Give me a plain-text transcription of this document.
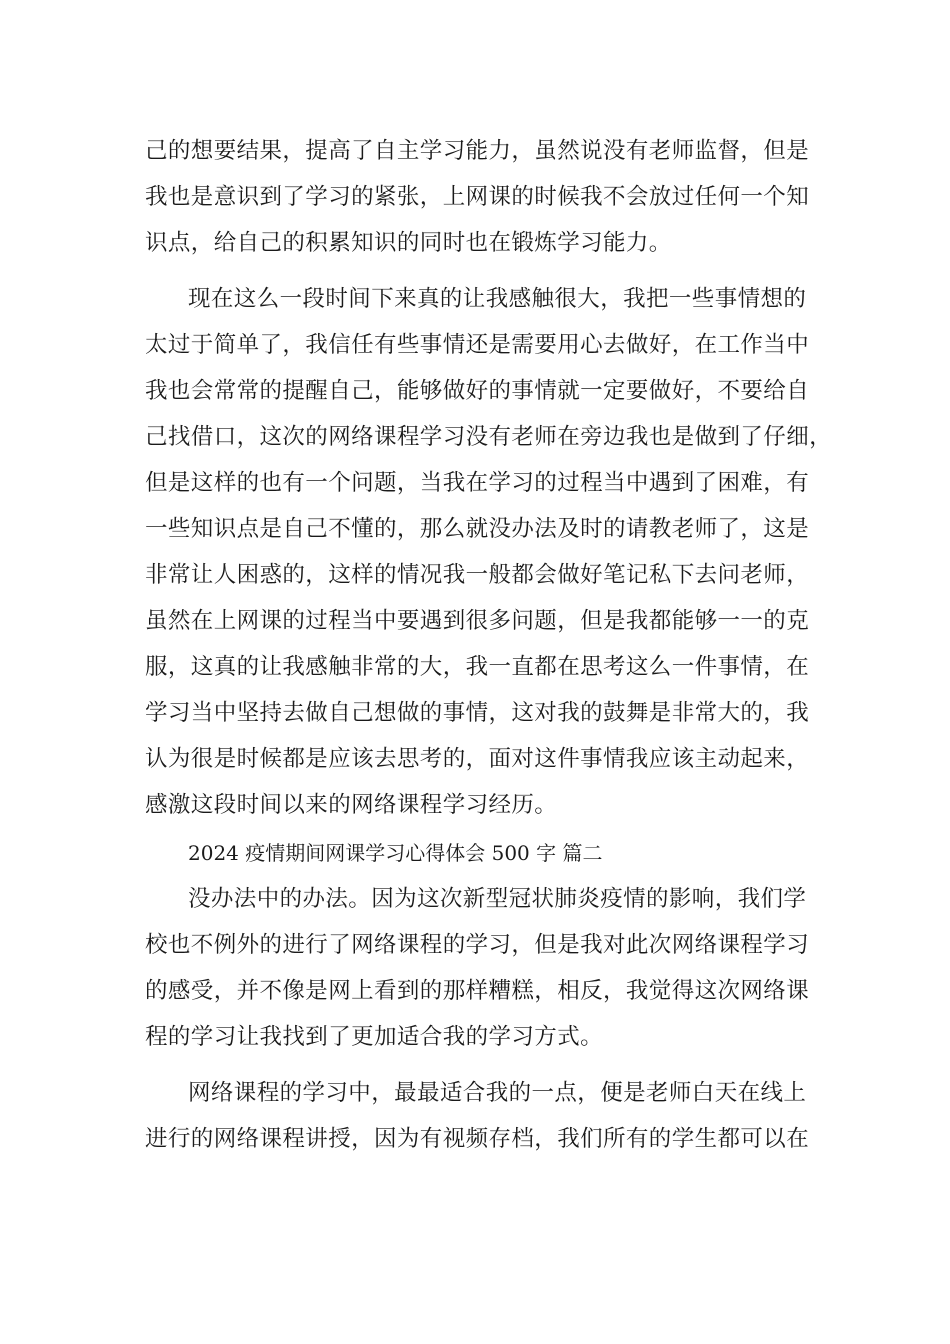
己的想要结果，提高了自主学习能力，虽然说没有老师监督，但是
我也是意识到了学习的紧张，上网课的时候我不会放过任何一个知
识点，给自己的积累知识的同时也在锻炼学习能力。
现在这么一段时间下来真的让我感触很大，我把一些事情想的
太过于简单了，我信任有些事情还是需要用心去做好，在工作当中
我也会常常的提醒自己，能够做好的事情就一定要做好，不要给自
己找借口，这次的网络课程学习没有老师在旁边我也是做到了仔细，
但是这样的也有一个问题，当我在学习的过程当中遇到了困难，有
一些知识点是自己不懂的，那么就没办法及时的请教老师了，这是
非常让人困惑的，这样的情况我一般都会做好笔记私下去问老师，
虽然在上网课的过程当中要遇到很多问题，但是我都能够一一的克
服，这真的让我感触非常的大，我一直都在思考这么一件事情，在
学习当中坚持去做自己想做的事情，这对我的鼓舞是非常大的，我
认为很是时候都是应该去思考的，面对这件事情我应该主动起来，
感激这段时间以来的网络课程学习经历。
2024 疫情期间网课学习心得体会 500 字 篇二
没办法中的办法。因为这次新型冠状肺炎疫情的影响，我们学
校也不例外的进行了网络课程的学习，但是我对此次网络课程学习
的感受，并不像是网上看到的那样糟糕，相反，我觉得这次网络课
程的学习让我找到了更加适合我的学习方式。
网络课程的学习中，最最适合我的一点，便是老师白天在线上
进行的网络课程讲授，因为有视频存档，我们所有的学生都可以在
